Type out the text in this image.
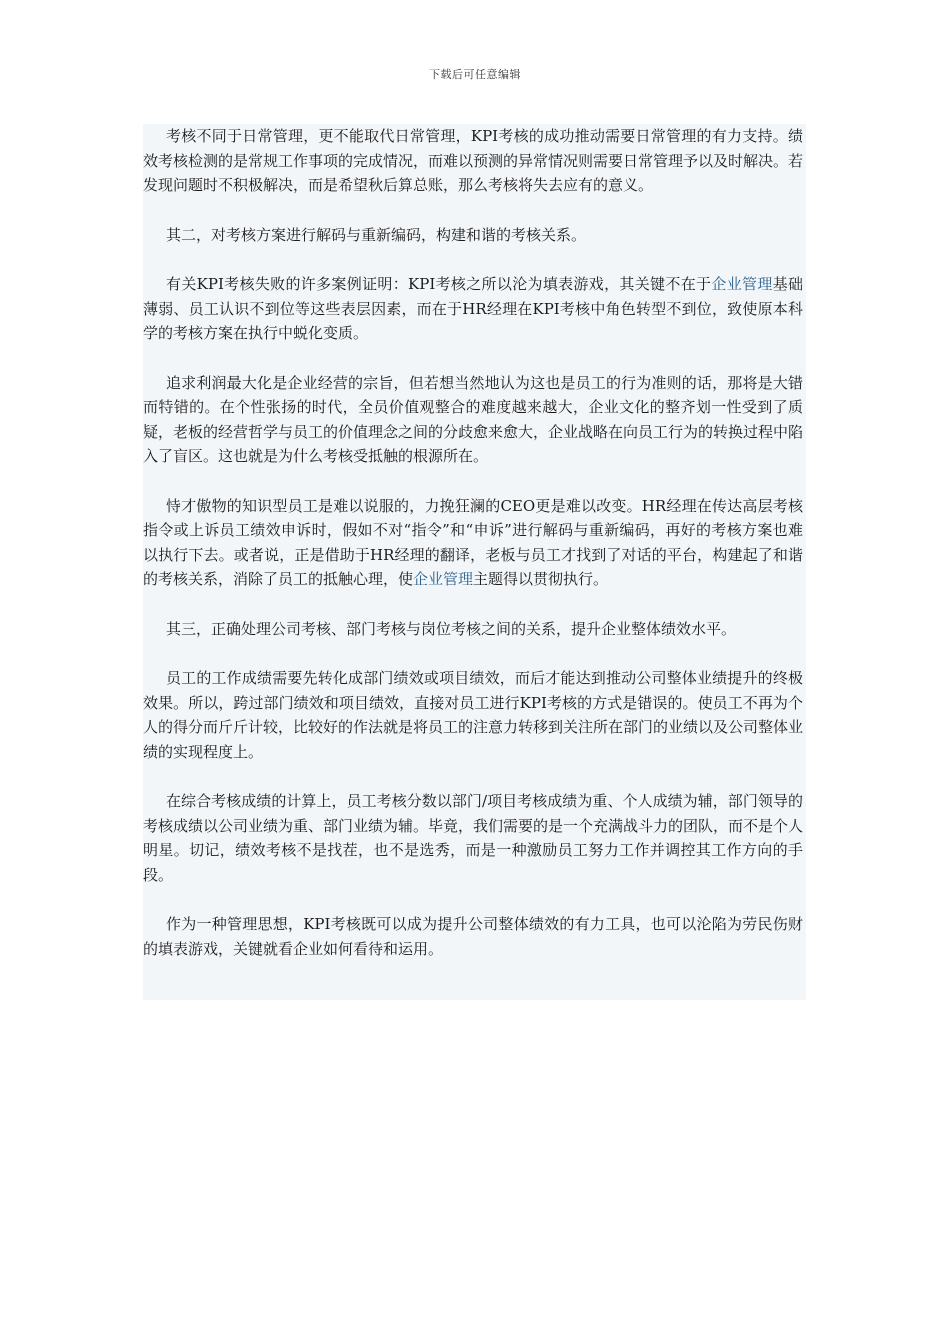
下载后可任意编辑

考核不同于日常管理，更不能取代日常管理，KPI考核的成功推动需要日常管理的有力支持。绩效考核检测的是常规工作事项的完成情况，而难以预测的异常情况则需要日常管理予以及时解决。若发现问题时不积极解决，而是希望秋后算总账，那么考核将失去应有的意义。

其二，对考核方案进行解码与重新编码，构建和谐的考核关系。

有关KPI考核失败的许多案例证明：KPI考核之所以沦为填表游戏，其关键不在于企业管理基础薄弱、员工认识不到位等这些表层因素，而在于HR经理在KPI考核中角色转型不到位，致使原本科学的考核方案在执行中蜕化变质。

追求利润最大化是企业经营的宗旨，但若想当然地认为这也是员工的行为准则的话，那将是大错而特错的。在个性张扬的时代，全员价值观整合的难度越来越大，企业文化的整齐划一性受到了质疑，老板的经营哲学与员工的价值理念之间的分歧愈来愈大，企业战略在向员工行为的转换过程中陷入了盲区。这也就是为什么考核受抵触的根源所在。

恃才傲物的知识型员工是难以说服的，力挽狂澜的CEO更是难以改变。HR经理在传达高层考核指令或上诉员工绩效申诉时，假如不对“指令”和“申诉”进行解码与重新编码，再好的考核方案也难以执行下去。或者说，正是借助于HR经理的翻译，老板与员工才找到了对话的平台，构建起了和谐的考核关系，消除了员工的抵触心理，使企业管理主题得以贯彻执行。

其三，正确处理公司考核、部门考核与岗位考核之间的关系，提升企业整体绩效水平。

员工的工作成绩需要先转化成部门绩效或项目绩效，而后才能达到推动公司整体业绩提升的终极效果。所以，跨过部门绩效和项目绩效，直接对员工进行KPI考核的方式是错误的。使员工不再为个人的得分而斤斤计较，比较好的作法就是将员工的注意力转移到关注所在部门的业绩以及公司整体业绩的实现程度上。

在综合考核成绩的计算上，员工考核分数以部门/项目考核成绩为重、个人成绩为辅，部门领导的考核成绩以公司业绩为重、部门业绩为辅。毕竟，我们需要的是一个充满战斗力的团队，而不是个人明星。切记，绩效考核不是找茬，也不是选秀，而是一种激励员工努力工作并调控其工作方向的手段。

作为一种管理思想，KPI考核既可以成为提升公司整体绩效的有力工具，也可以沦陷为劳民伤财的填表游戏，关键就看企业如何看待和运用。
